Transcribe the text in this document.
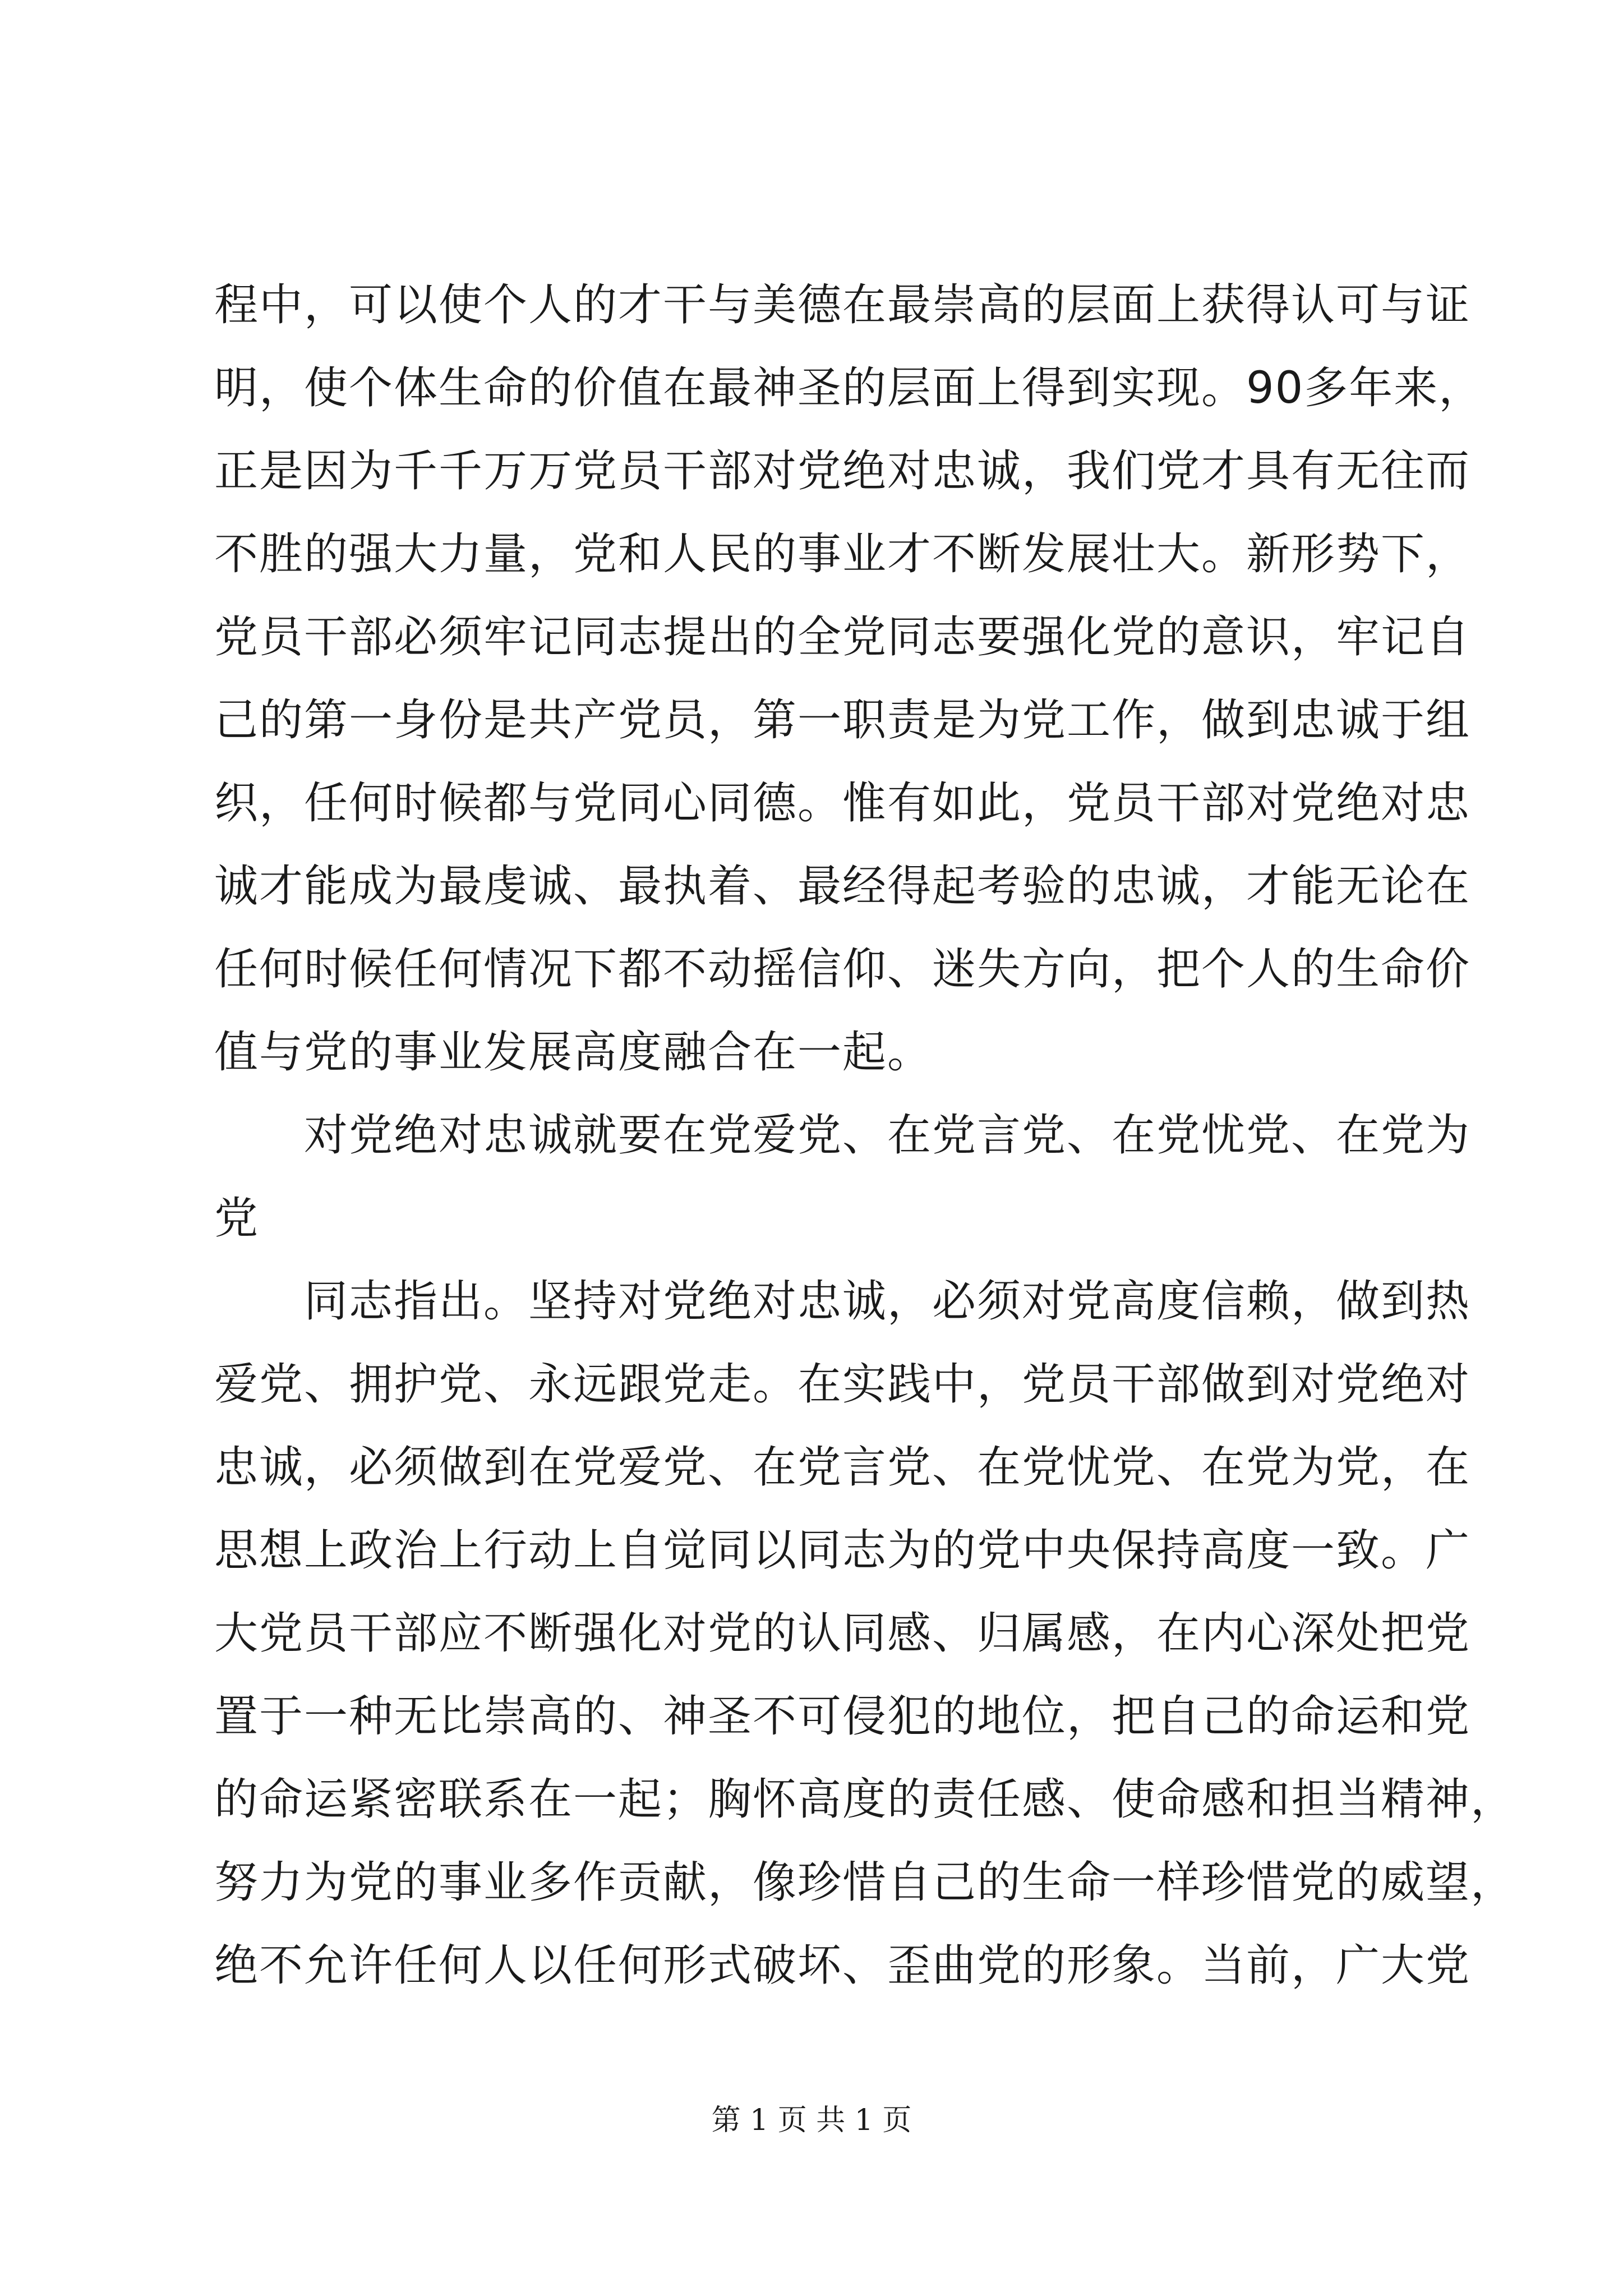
程中，可以使个人的才干与美德在最崇高的层面上获得认可与证
明，使个体生命的价值在最神圣的层面上得到实现。90多年来，
正是因为千千万万党员干部对党绝对忠诚，我们党才具有无往而
不胜的强大力量，党和人民的事业才不断发展壮大。新形势下，
党员干部必须牢记同志提出的全党同志要强化党的意识，牢记自
己的第一身份是共产党员，第一职责是为党工作，做到忠诚于组
织，任何时候都与党同心同德。惟有如此，党员干部对党绝对忠
诚才能成为最虔诚、最执着、最经得起考验的忠诚，才能无论在
任何时候任何情况下都不动摇信仰、迷失方向，把个人的生命价
值与党的事业发展高度融合在一起。
对党绝对忠诚就要在党爱党、在党言党、在党忧党、在党为
党
同志指出。坚持对党绝对忠诚，必须对党高度信赖，做到热
爱党、拥护党、永远跟党走。在实践中，党员干部做到对党绝对
忠诚，必须做到在党爱党、在党言党、在党忧党、在党为党，在
思想上政治上行动上自觉同以同志为的党中央保持高度一致。广
大党员干部应不断强化对党的认同感、归属感，在内心深处把党
置于一种无比崇高的、神圣不可侵犯的地位，把自己的命运和党
的命运紧密联系在一起；胸怀高度的责任感、使命感和担当精神，
努力为党的事业多作贡献，像珍惜自己的生命一样珍惜党的威望，
绝不允许任何人以任何形式破坏、歪曲党的形象。当前，广大党
第 1 页 共 1 页
